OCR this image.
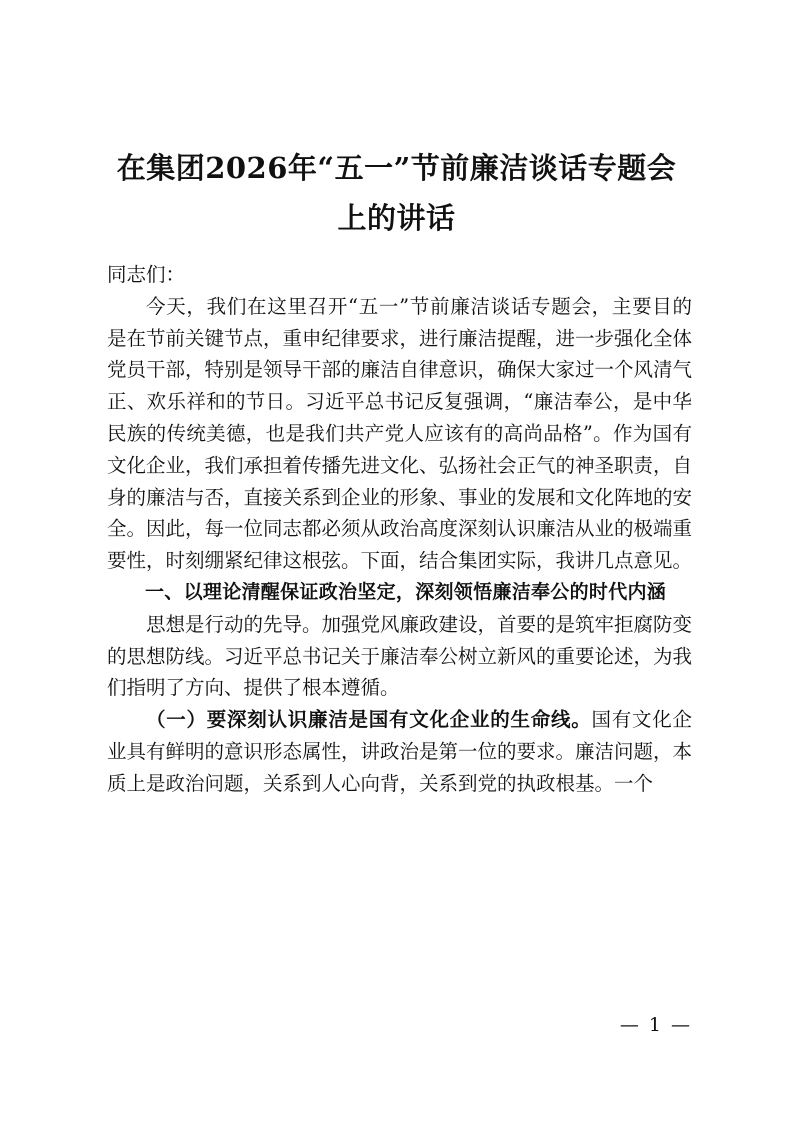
在集团2026年“五一”节前廉洁谈话专题会
上的讲话

同志们：

今天，我们在这里召开“五一”节前廉洁谈话专题会，主要目的是在节前关键节点，重申纪律要求，进行廉洁提醒，进一步强化全体党员干部，特别是领导干部的廉洁自律意识，确保大家过一个风清气正、欢乐祥和的节日。习近平总书记反复强调，“廉洁奉公，是中华民族的传统美德，也是我们共产党人应该有的高尚品格”。作为国有文化企业，我们承担着传播先进文化、弘扬社会正气的神圣职责，自身的廉洁与否，直接关系到企业的形象、事业的发展和文化阵地的安全。因此，每一位同志都必须从政治高度深刻认识廉洁从业的极端重要性，时刻绷紧纪律这根弦。下面，结合集团实际，我讲几点意见。

一、以理论清醒保证政治坚定，深刻领悟廉洁奉公的时代内涵

思想是行动的先导。加强党风廉政建设，首要的是筑牢拒腐防变的思想防线。习近平总书记关于廉洁奉公树立新风的重要论述，为我们指明了方向、提供了根本遵循。

（一）要深刻认识廉洁是国有文化企业的生命线。国有文化企业具有鲜明的意识形态属性，讲政治是第一位的要求。廉洁问题，本质上是政治问题，关系到人心向背，关系到党的执政根基。一个

— 1 —
